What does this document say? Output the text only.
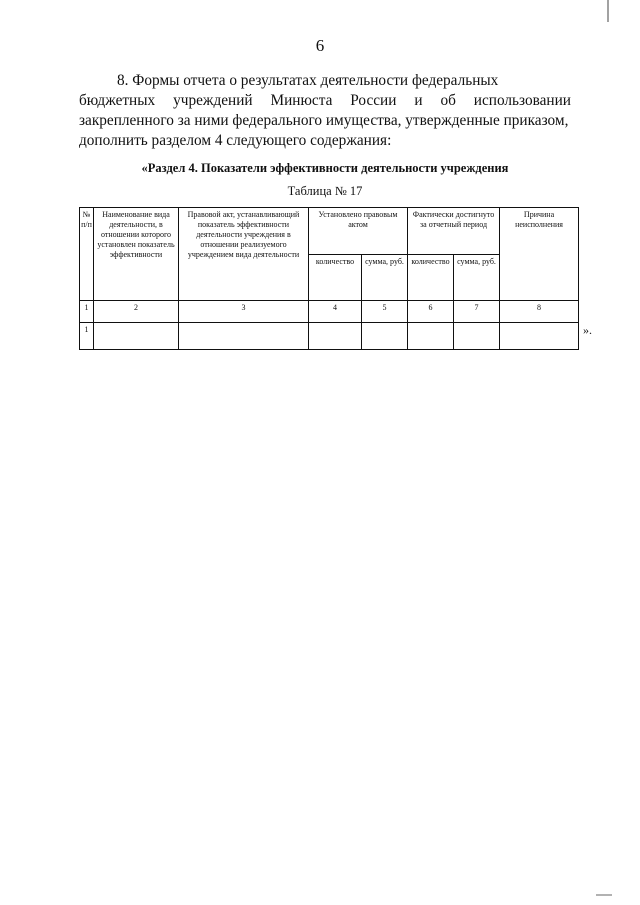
6
8. Формы отчета о результатах деятельности федеральных
бюджетных учреждений Минюста России и об использовании
закрепленного за ними федерального имущества, утвержденные приказом,
дополнить разделом 4 следующего содержания:
«Раздел 4. Показатели эффективности деятельности учреждения
Таблица № 17
№ п/п	Наименование вида деятельности, в отношении которого установлен показатель эффективности	Правовой акт, устанавливающий показатель эффективности деятельности учреждения в отношении реализуемого учреждением вида деятельности	Установлено правовым актом		Фактически достигнуто за отчетный период		Причина неисполнения
			количество	сумма, руб.	количество	сумма, руб.	
1	2	3	4	5	6	7	8
1								».
